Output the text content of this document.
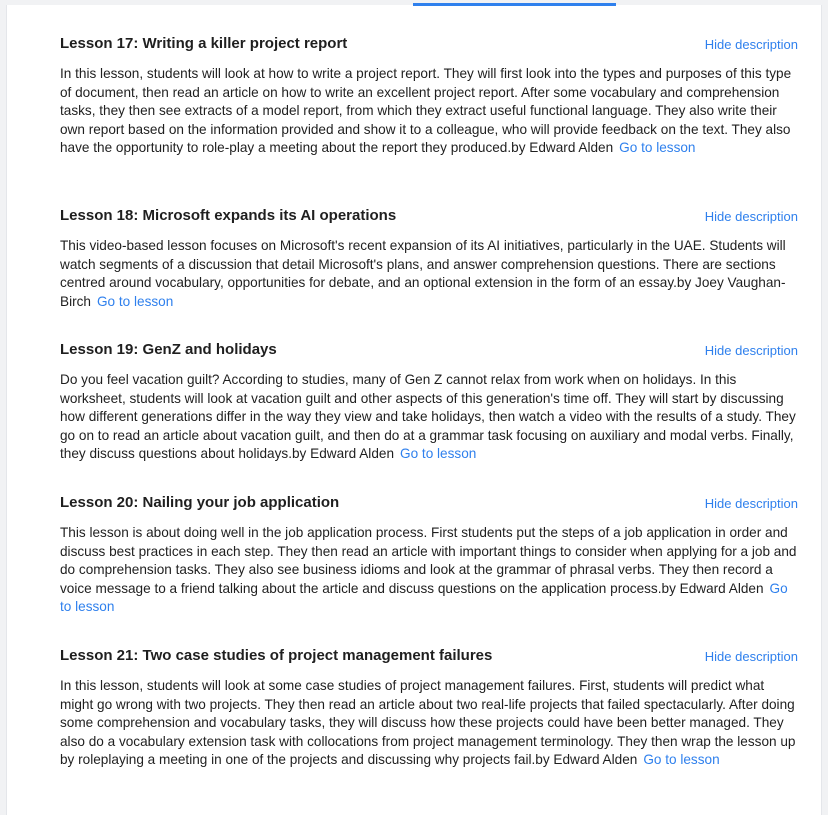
Lesson 17: Writing a killer project report	Hide description

In this lesson, students will look at how to write a project report. They will first look into the types and purposes of this type of document, then read an article on how to write an excellent project report. After some vocabulary and comprehension tasks, they then see extracts of a model report, from which they extract useful functional language. They also write their own report based on the information provided and show it to a colleague, who will provide feedback on the text. They also have the opportunity to role-play a meeting about the report they produced.by Edward Alden Go to lesson

Lesson 18: Microsoft expands its AI operations	Hide description

This video-based lesson focuses on Microsoft's recent expansion of its AI initiatives, particularly in the UAE. Students will watch segments of a discussion that detail Microsoft's plans, and answer comprehension questions. There are sections centred around vocabulary, opportunities for debate, and an optional extension in the form of an essay.by Joey Vaughan-Birch Go to lesson

Lesson 19: GenZ and holidays	Hide description

Do you feel vacation guilt? According to studies, many of Gen Z cannot relax from work when on holidays. In this worksheet, students will look at vacation guilt and other aspects of this generation's time off. They will start by discussing how different generations differ in the way they view and take holidays, then watch a video with the results of a study. They go on to read an article about vacation guilt, and then do at a grammar task focusing on auxiliary and modal verbs. Finally, they discuss questions about holidays.by Edward Alden Go to lesson

Lesson 20: Nailing your job application	Hide description

This lesson is about doing well in the job application process. First students put the steps of a job application in order and discuss best practices in each step. They then read an article with important things to consider when applying for a job and do comprehension tasks. They also see business idioms and look at the grammar of phrasal verbs. They then record a voice message to a friend talking about the article and discuss questions on the application process.by Edward Alden Go to lesson

Lesson 21: Two case studies of project management failures	Hide description

In this lesson, students will look at some case studies of project management failures. First, students will predict what might go wrong with two projects. They then read an article about two real-life projects that failed spectacularly. After doing some comprehension and vocabulary tasks, they will discuss how these projects could have been better managed. They also do a vocabulary extension task with collocations from project management terminology. They then wrap the lesson up by roleplaying a meeting in one of the projects and discussing why projects fail.by Edward Alden Go to lesson
